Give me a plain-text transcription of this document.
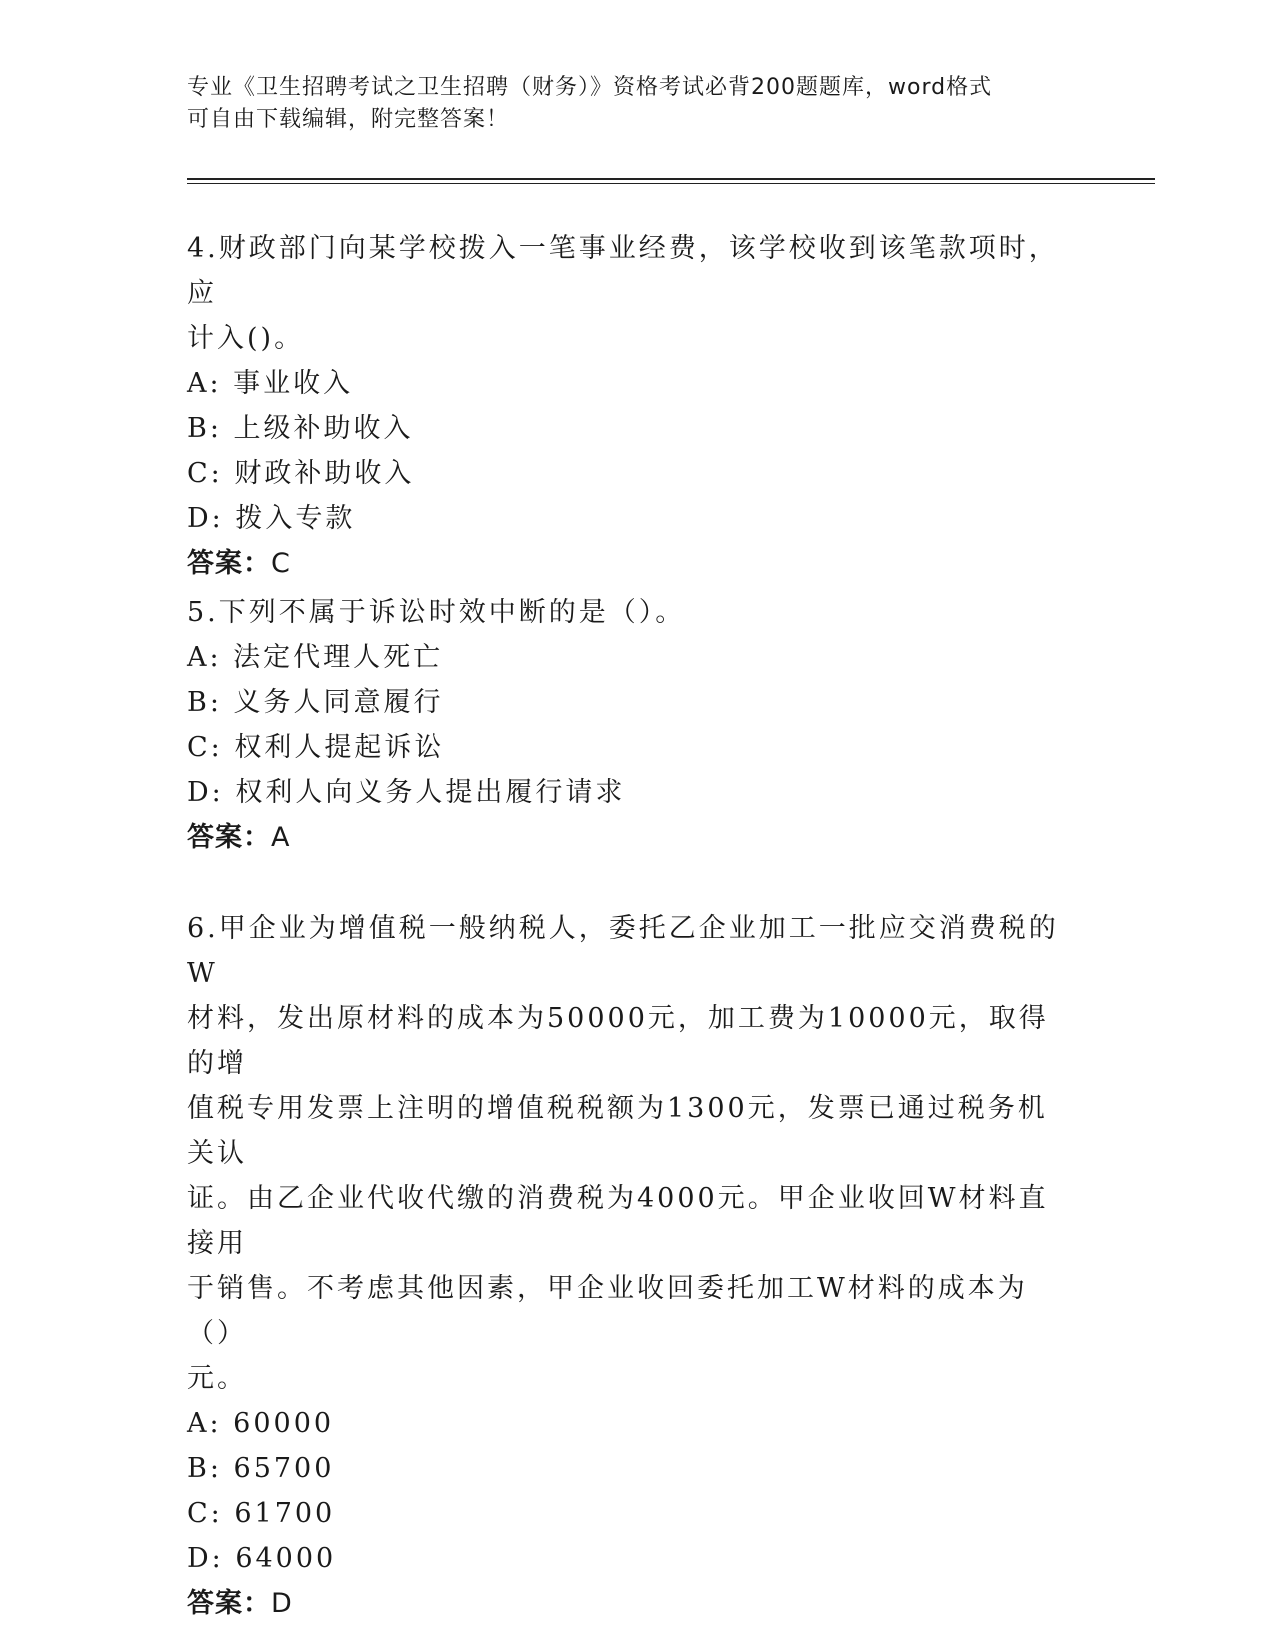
专业《卫生招聘考试之卫生招聘（财务）》资格考试必背200题题库，word格式
可自由下载编辑，附完整答案！
4.财政部门向某学校拨入一笔事业经费，该学校收到该笔款项时，应
计入()。
A: 事业收入
B: 上级补助收入
C: 财政补助收入
D: 拨入专款
答案：C
5.下列不属于诉讼时效中断的是（）。
A: 法定代理人死亡
B: 义务人同意履行
C: 权利人提起诉讼
D: 权利人向义务人提出履行请求
答案：A
6.甲企业为增值税一般纳税人，委托乙企业加工一批应交消费税的W
材料，发出原材料的成本为50000元，加工费为10000元，取得的增
值税专用发票上注明的增值税税额为1300元，发票已通过税务机关认
证。由乙企业代收代缴的消费税为4000元。甲企业收回W材料直接用
于销售。不考虑其他因素，甲企业收回委托加工W材料的成本为（）
元。
A: 60000
B: 65700
C: 61700
D: 64000
答案：D
